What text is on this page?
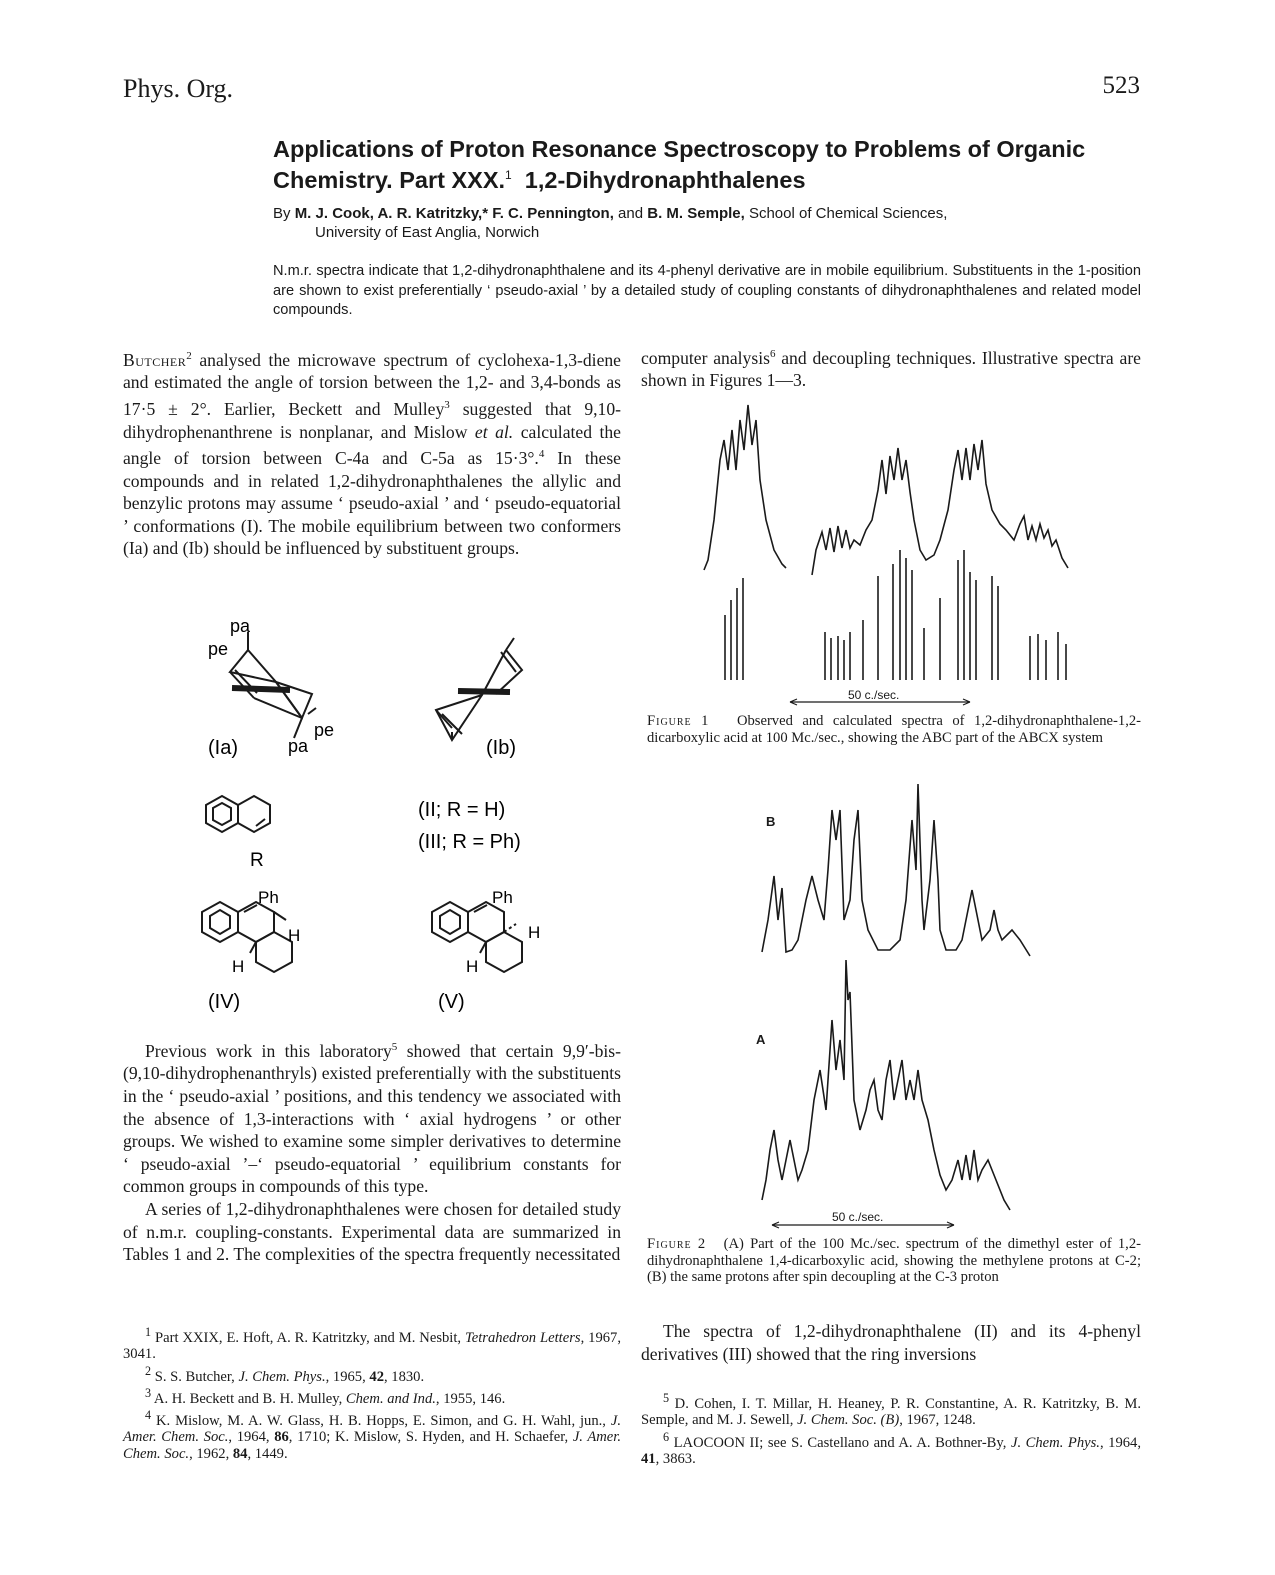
Phys. Org.	523
Applications of Proton Resonance Spectroscopy to Problems of Organic
Chemistry. Part XXX.$^1$  1,2-Dihydronaphthalenes
By M. J. Cook, A. R. Katritzky,* F. C. Pennington, and B. M. Semple, School of Chemical Sciences,
University of East Anglia, Norwich
N.m.r. spectra indicate that 1,2-dihydronaphthalene and its 4-phenyl derivative are in mobile equilibrium. Substituents in the 1-position are shown to exist preferentially ‘ pseudo-axial ’ by a detailed study of coupling constants of dihydronaphthalenes and related model compounds.

Butcher$^2$ analysed the microwave spectrum of cyclohexa-1,3-diene and estimated the angle of torsion between the 1,2- and 3,4-bonds as 17·5 ± 2°. Earlier, Beckett and Mulley$^3$ suggested that 9,10-dihydrophenanthrene is nonplanar, and Mislow et al. calculated the angle of torsion between C-4a and C-5a as 15·3°.$^4$ In these compounds and in related 1,2-dihydronaphthalenes the allylic and benzylic protons may assume ‘ pseudo-axial ’ and ‘ pseudo-equatorial ’ conformations (I). The mobile equilibrium between two conformers (Ia) and (Ib) should be influenced by substituent groups.

pa
pe
pe
pa
(Ia)	(Ib)
R
(II; R = H)
(III; R = Ph)
Ph
H
H
(IV)
Ph
H
H
(V)

Previous work in this laboratory$^5$ showed that certain 9,9′-bis-(9,10-dihydrophenanthryls) existed preferentially with the substituents in the ‘ pseudo-axial ’ positions, and this tendency we associated with the absence of 1,3-interactions with ‘ axial hydrogens ’ or other groups. We wished to examine some simpler derivatives to determine ‘ pseudo-axial ’–‘ pseudo-equatorial ’ equilibrium constants for common groups in compounds of this type.

A series of 1,2-dihydronaphthalenes were chosen for detailed study of n.m.r. coupling-constants. Experimental data are summarized in Tables 1 and 2. The complexities of the spectra frequently necessitated

$^1$ Part XXIX, E. Hoft, A. R. Katritzky, and M. Nesbit, Tetrahedron Letters, 1967, 3041.

$^2$ S. S. Butcher, J. Chem. Phys., 1965, 42, 1830.

$^3$ A. H. Beckett and B. H. Mulley, Chem. and Ind., 1955, 146.

$^4$ K. Mislow, M. A. W. Glass, H. B. Hopps, E. Simon, and G. H. Wahl, jun., J. Amer. Chem. Soc., 1964, 86, 1710; K. Mislow, S. Hyden, and H. Schaefer, J. Amer. Chem. Soc., 1962, 84, 1449.

computer analysis$^6$ and decoupling techniques. Illustrative spectra are shown in Figures 1—3.

50 c./sec.
Figure 1 Observed and calculated spectra of 1,2-dihydronaphthalene-1,2-dicarboxylic acid at 100 Mc./sec., showing the ABC part of the ABCX system
B
A
50 c./sec.
Figure 2 (A) Part of the 100 Mc./sec. spectrum of the dimethyl ester of 1,2-dihydronaphthalene 1,4-dicarboxylic acid, showing the methylene protons at C-2; (B) the same protons after spin decoupling at the C-3 proton

The spectra of 1,2-dihydronaphthalene (II) and its 4-phenyl derivatives (III) showed that the ring inversions

$^5$ D. Cohen, I. T. Millar, H. Heaney, P. R. Constantine, A. R. Katritzky, B. M. Semple, and M. J. Sewell, J. Chem. Soc. (B), 1967, 1248.

$^6$ LAOCOON II; see S. Castellano and A. A. Bothner-By, J. Chem. Phys., 1964, 41, 3863.
